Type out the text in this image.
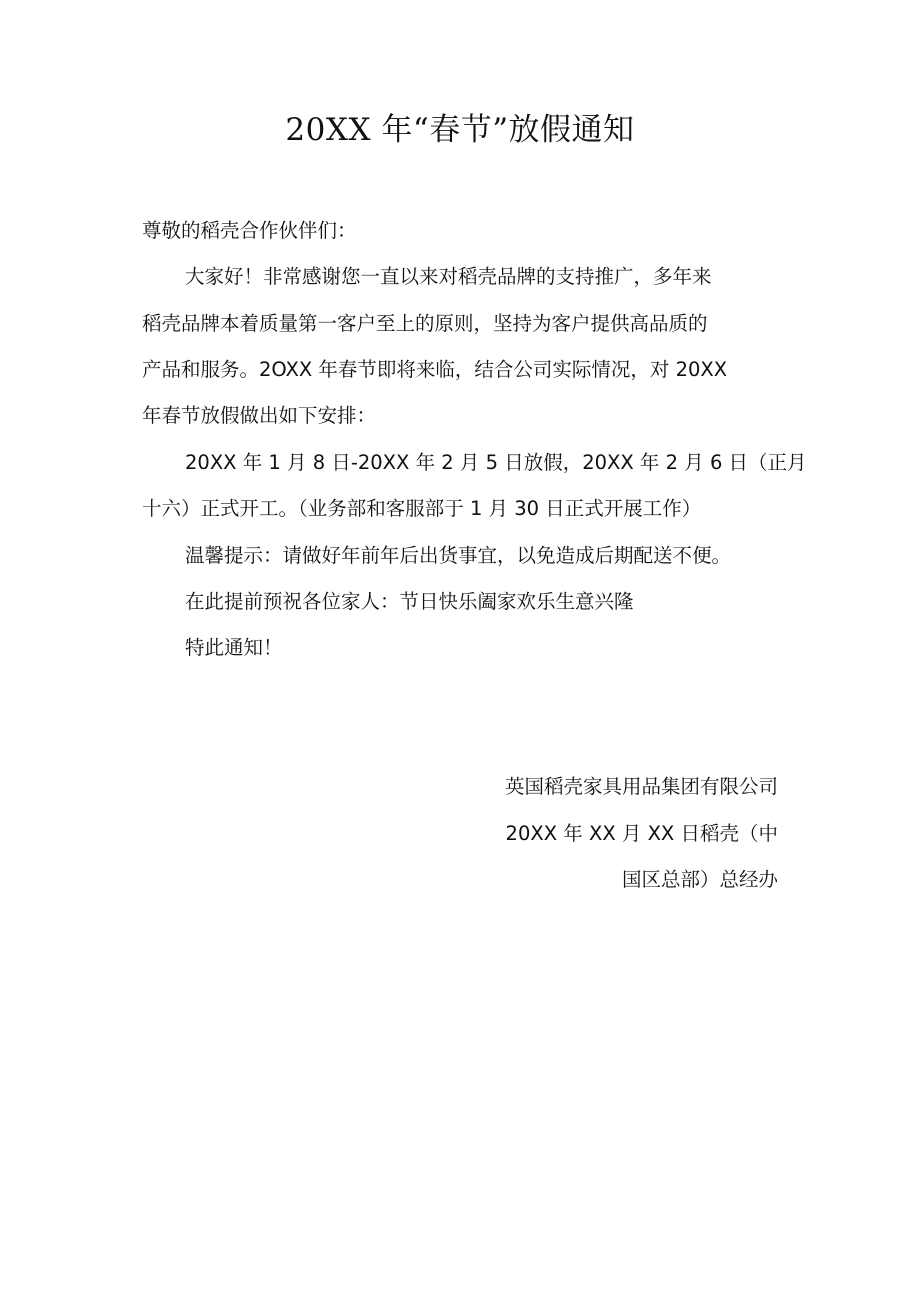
20XX 年“春节”放假通知
尊敬的稻壳合作伙伴们：
大家好！非常感谢您一直以来对稻壳品牌的支持推广，多年来
稻壳品牌本着质量第一客户至上的原则，坚持为客户提供高品质的
产品和服务。2OXX 年春节即将来临，结合公司实际情况，对 20XX
年春节放假做出如下安排：
20XX 年 1 月 8 日-20XX 年 2 月 5 日放假，20XX 年 2 月 6 日（正月
十六）正式开工。（业务部和客服部于 1 月 30 日正式开展工作）
温馨提示：请做好年前年后出货事宜，以免造成后期配送不便。
在此提前预祝各位家人：节日快乐阖家欢乐生意兴隆
特此通知！
英国稻壳家具用品集团有限公司
20XX 年 XX 月 XX 日稻壳（中
国区总部）总经办
